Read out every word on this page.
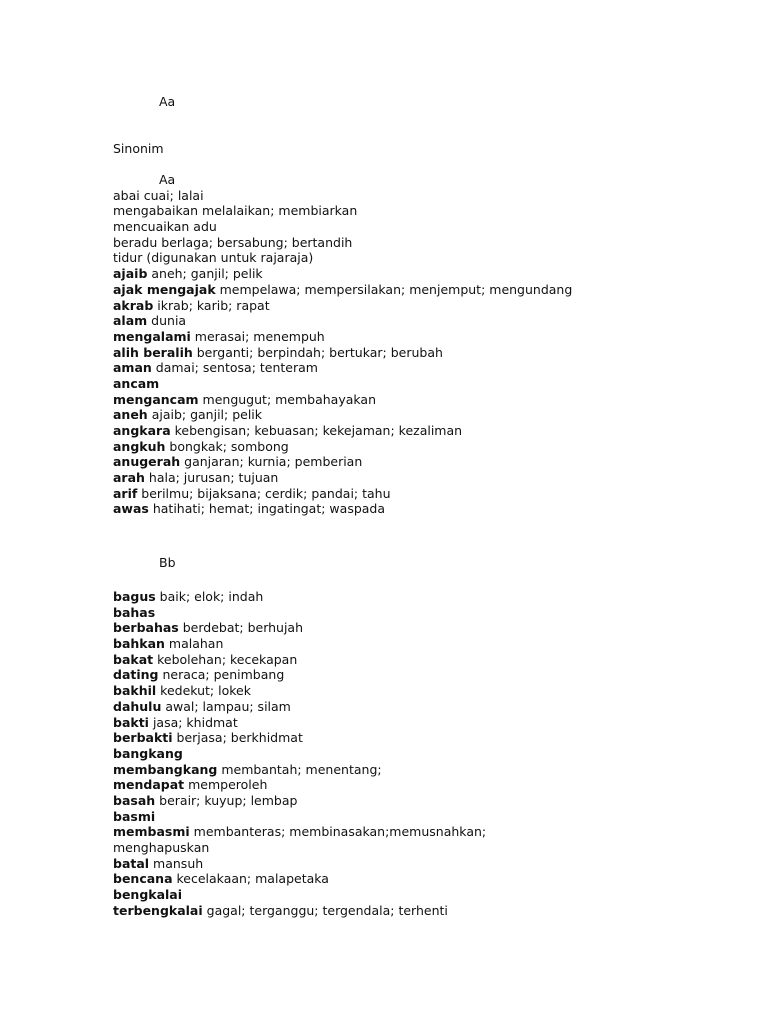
Aa
Sinonim
Aa
abai cuai; lalai
mengabaikan melalaikan; membiarkan
mencuaikan adu
beradu berlaga; bersabung; bertandih
tidur (digunakan untuk rajaraja)
ajaib aneh; ganjil; pelik
ajak mengajak mempelawa; mempersilakan; menjemput; mengundang
akrab ikrab; karib; rapat
alam dunia
mengalami merasai; menempuh
alih beralih berganti; berpindah; bertukar; berubah
aman damai; sentosa; tenteram
ancam
mengancam mengugut; membahayakan
aneh ajaib; ganjil; pelik
angkara kebengisan; kebuasan; kekejaman; kezaliman
angkuh bongkak; sombong
anugerah ganjaran; kurnia; pemberian
arah hala; jurusan; tujuan
arif berilmu; bijaksana; cerdik; pandai; tahu
awas hatihati; hemat; ingatingat; waspada
Bb
bagus baik; elok; indah
bahas
berbahas berdebat; berhujah
bahkan malahan
bakat kebolehan; kecekapan
dating neraca; penimbang
bakhil kedekut; lokek
dahulu awal; lampau; silam
bakti jasa; khidmat
berbakti berjasa; berkhidmat
bangkang
membangkang membantah; menentang;
mendapat memperoleh
basah berair; kuyup; lembap
basmi
membasmi membanteras; membinasakan;memusnahkan;
menghapuskan
batal mansuh
bencana kecelakaan; malapetaka
bengkalai
terbengkalai gagal; terganggu; tergendala; terhenti
